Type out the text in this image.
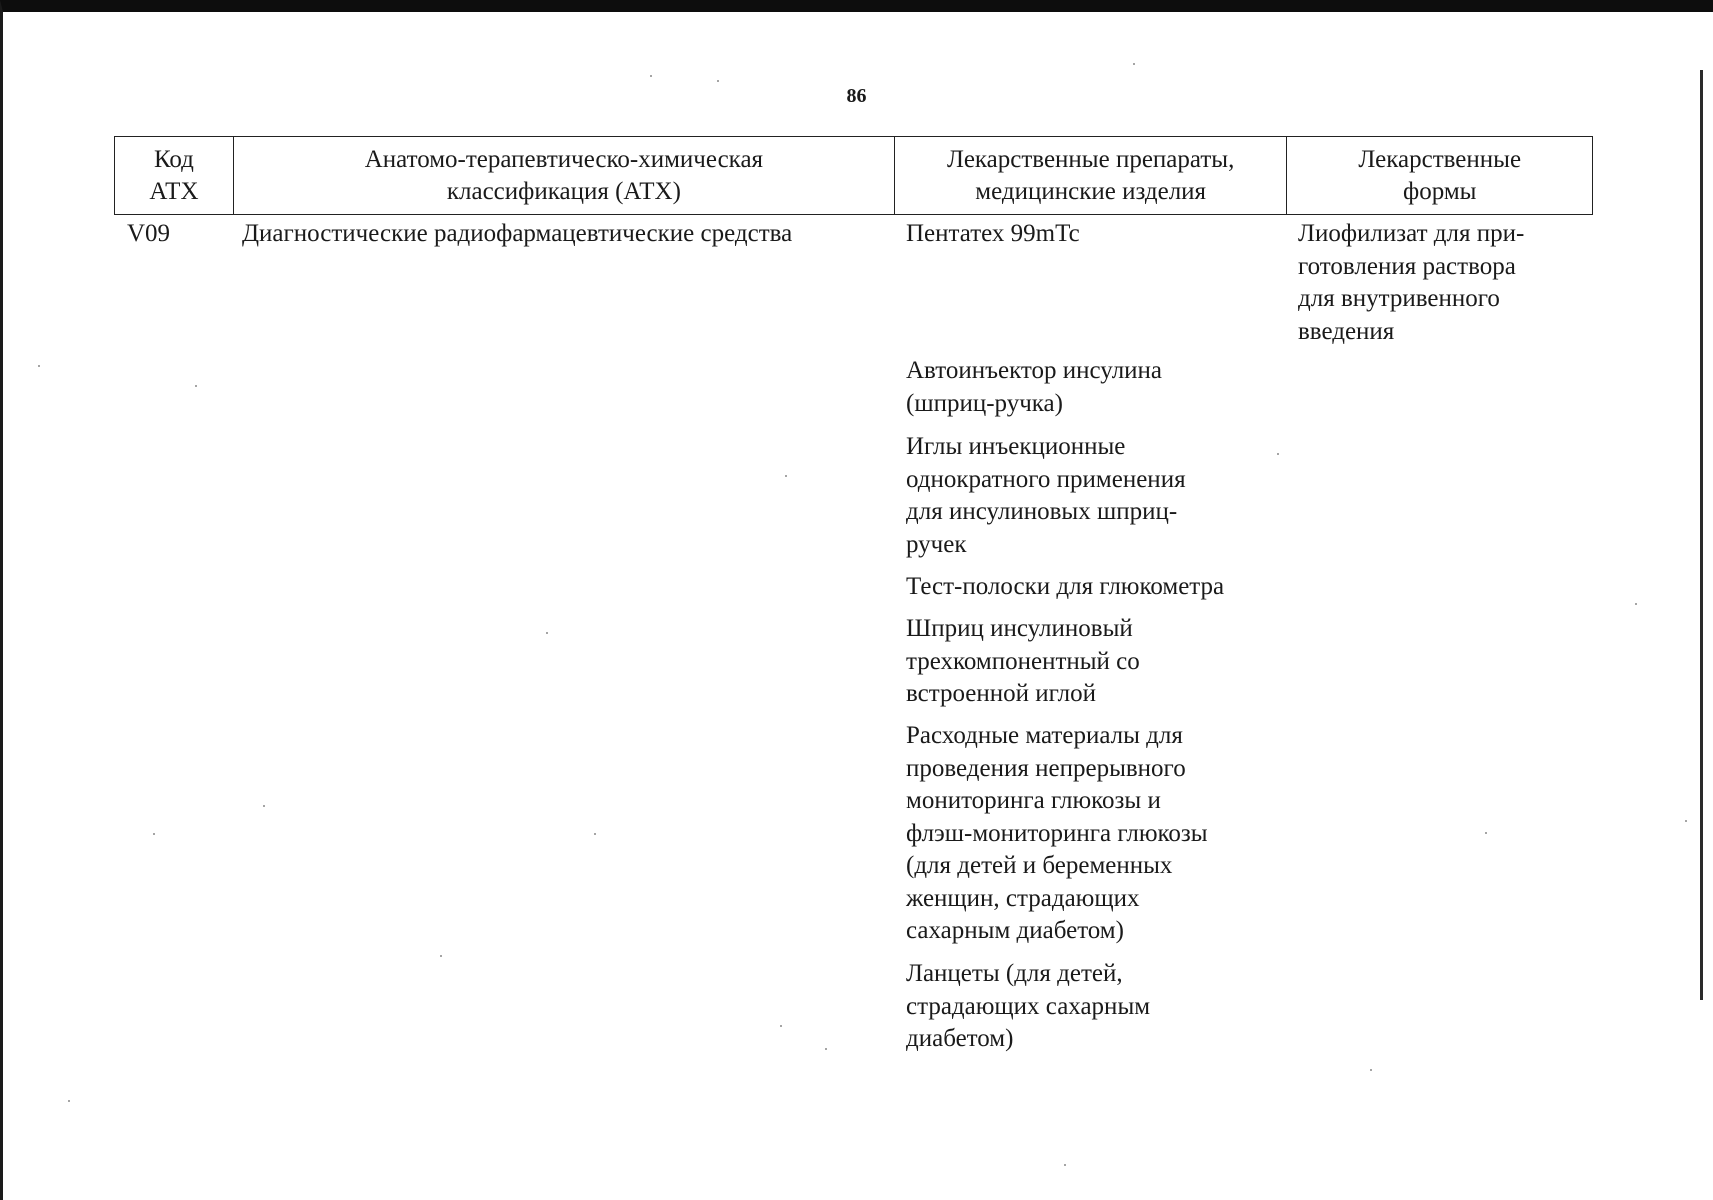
86
Код
АТХ
Анатомо-терапевтическо-химическая
классификация (АТХ)
Лекарственные препараты,
медицинские изделия
Лекарственные
формы
V09	Диагностические радиофармацевтические средства	Лиофилизат для при-
готовления раствора
для внутривенного
введения
Пентатех 99mTc
Автоинъектор инсулина
(шприц-ручка)
Иглы инъекционные
однократного применения
для инсулиновых шприц-
ручек
Тест-полоски для глюкометра
Шприц инсулиновый
трехкомпонентный со
встроенной иглой
Расходные материалы для
проведения непрерывного
мониторинга глюкозы и
флэш-мониторинга глюкозы
(для детей и беременных
женщин, страдающих
сахарным диабетом)
Ланцеты (для детей,
страдающих сахарным
диабетом)
